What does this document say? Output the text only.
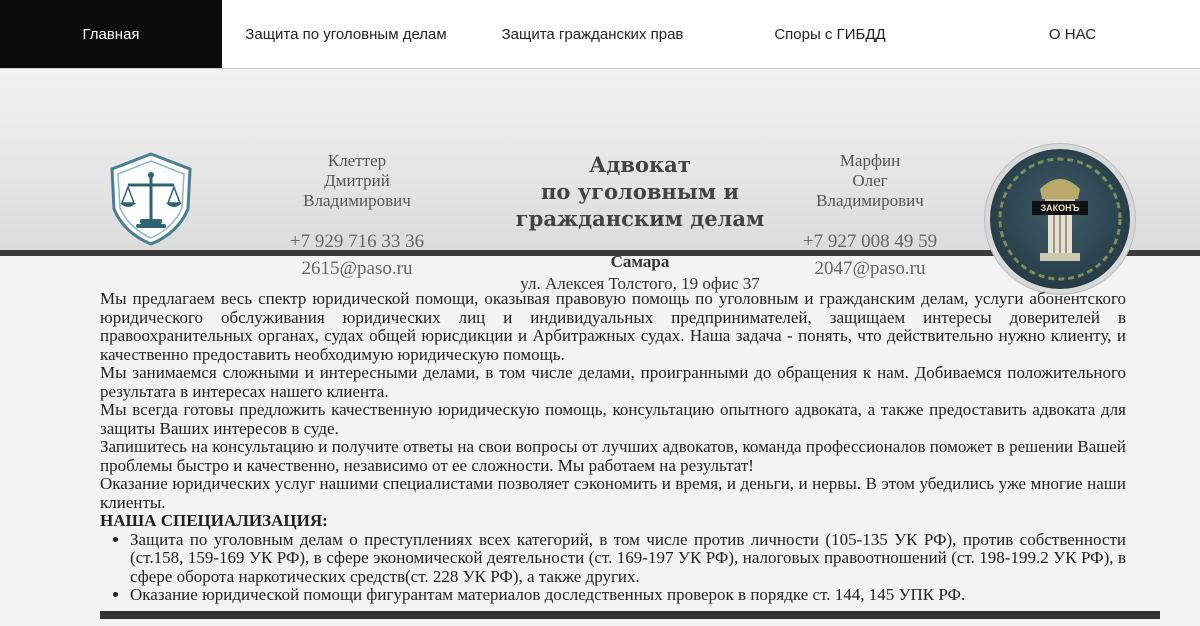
Главная	Защита по уголовным делам	Защита гражданских прав	Споры с ГИБДД	О НАС
Клеттер
Дмитрий
Владимирович
+7 929 716 33 36
2615@paso.ru
Адвокат
по уголовным и
гражданским делам
Самара
ул. Алексея Толстого, 19 офис 37
Марфин
Олег
Владимирович
+7 927 008 49 59
2047@paso.ru
ЗАКОНЪ

Мы предлагаем весь спектр юридической помощи, оказывая правовую помощь по уголовным и гражданским делам, услуги абонентского юридического обслуживания юридических лиц и индивидуальных предпринимателей, защищаем интересы доверителей в правоохранительных органах, судах общей юрисдикции и Арбитражных судах. Наша задача - понять, что действительно нужно клиенту, и качественно предоставить необходимую юридическую помощь.

Мы занимаемся сложными и интересными делами, в том числе делами, проигранными до обращения к нам. Добиваемся положительного результата в интересах нашего клиента.

Мы всегда готовы предложить качественную юридическую помощь, консультацию опытного адвоката, а также предоставить адвоката для защиты Ваших интересов в суде.

Запишитесь на консультацию и получите ответы на свои вопросы от лучших адвокатов, команда профессионалов поможет в решении Вашей проблемы быстро и качественно, независимо от ее сложности. Мы работаем на результат!

Оказание юридических услуг нашими специалистами позволяет сэкономить и время, и деньги, и нервы. В этом убедились уже многие наши клиенты.

НАША СПЕЦИАЛИЗАЦИЯ:

• Защита по уголовным делам о преступлениях всех категорий, в том числе против личности (105-135 УК РФ), против собственности (ст.158, 159-169 УК РФ), в сфере экономической деятельности (ст. 169-197 УК РФ), налоговых правоотношений (ст. 198-199.2 УК РФ), в сфере оборота наркотических средств(ст. 228 УК РФ), а также других.
• Оказание юридической помощи фигурантам материалов доследственных проверок в порядке ст. 144, 145 УПК РФ.
